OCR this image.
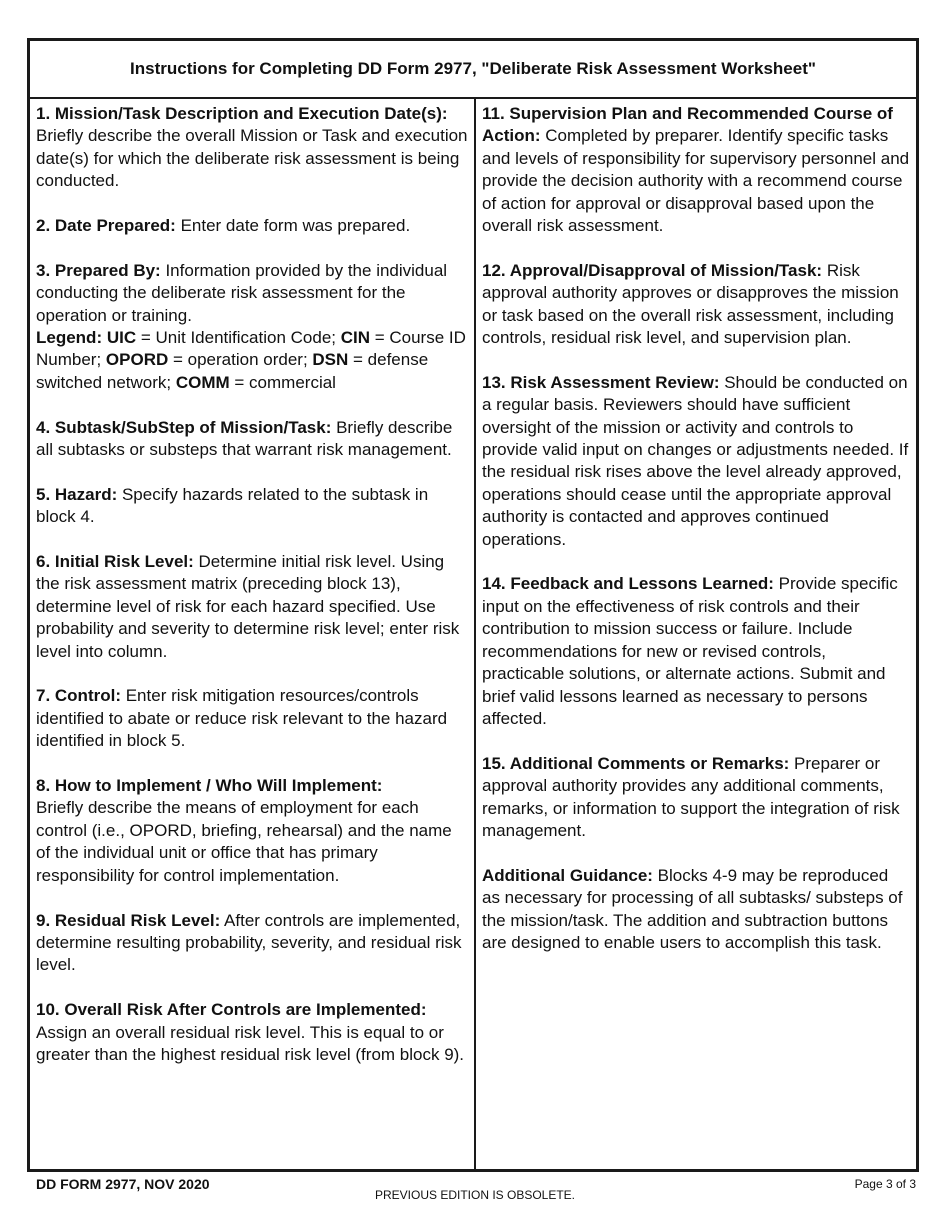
Instructions for Completing DD Form 2977, "Deliberate Risk Assessment Worksheet"

1. Mission/Task Description and Execution Date(s): Briefly describe the overall Mission or Task and execution date(s) for which the deliberate risk assessment is being conducted.

2. Date Prepared: Enter date form was prepared.

3. Prepared By: Information provided by the individual conducting the deliberate risk assessment for the operation or training.
Legend: UIC = Unit Identification Code; CIN = Course ID Number; OPORD = operation order; DSN = defense switched network; COMM = commercial

4. Subtask/SubStep of Mission/Task: Briefly describe all subtasks or substeps that warrant risk management.

5. Hazard: Specify hazards related to the subtask in block 4.

6. Initial Risk Level: Determine initial risk level. Using the risk assessment matrix (preceding block 13), determine level of risk for each hazard specified. Use probability and severity to determine risk level; enter risk level into column.

7. Control: Enter risk mitigation resources/controls identified to abate or reduce risk relevant to the hazard identified in block 5.

8. How to Implement / Who Will Implement:
Briefly describe the means of employment for each control (i.e., OPORD, briefing, rehearsal) and the name of the individual unit or office that has primary responsibility for control implementation.

9. Residual Risk Level: After controls are implemented, determine resulting probability, severity, and residual risk level.

10. Overall Risk After Controls are Implemented:
Assign an overall residual risk level. This is equal to or greater than the highest residual risk level (from block 9).

11. Supervision Plan and Recommended Course of Action: Completed by preparer. Identify specific tasks and levels of responsibility for supervisory personnel and provide the decision authority with a recommend course of action for approval or disapproval based upon the overall risk assessment.

12. Approval/Disapproval of Mission/Task: Risk approval authority approves or disapproves the mission or task based on the overall risk assessment, including controls, residual risk level, and supervision plan.

13. Risk Assessment Review: Should be conducted on a regular basis. Reviewers should have sufficient oversight of the mission or activity and controls to provide valid input on changes or adjustments needed. If the residual risk rises above the level already approved, operations should cease until the appropriate approval authority is contacted and approves continued operations.

14. Feedback and Lessons Learned: Provide specific input on the effectiveness of risk controls and their contribution to mission success or failure. Include recommendations for new or revised controls, practicable solutions, or alternate actions. Submit and brief valid lessons learned as necessary to persons affected.

15. Additional Comments or Remarks: Preparer or approval authority provides any additional comments, remarks, or information to support the integration of risk management.

Additional Guidance: Blocks 4-9 may be reproduced as necessary for processing of all subtasks/ substeps of the mission/task. The addition and subtraction buttons are designed to enable users to accomplish this task.

DD FORM 2977, NOV 2020
PREVIOUS EDITION IS OBSOLETE.
Page 3 of 3
